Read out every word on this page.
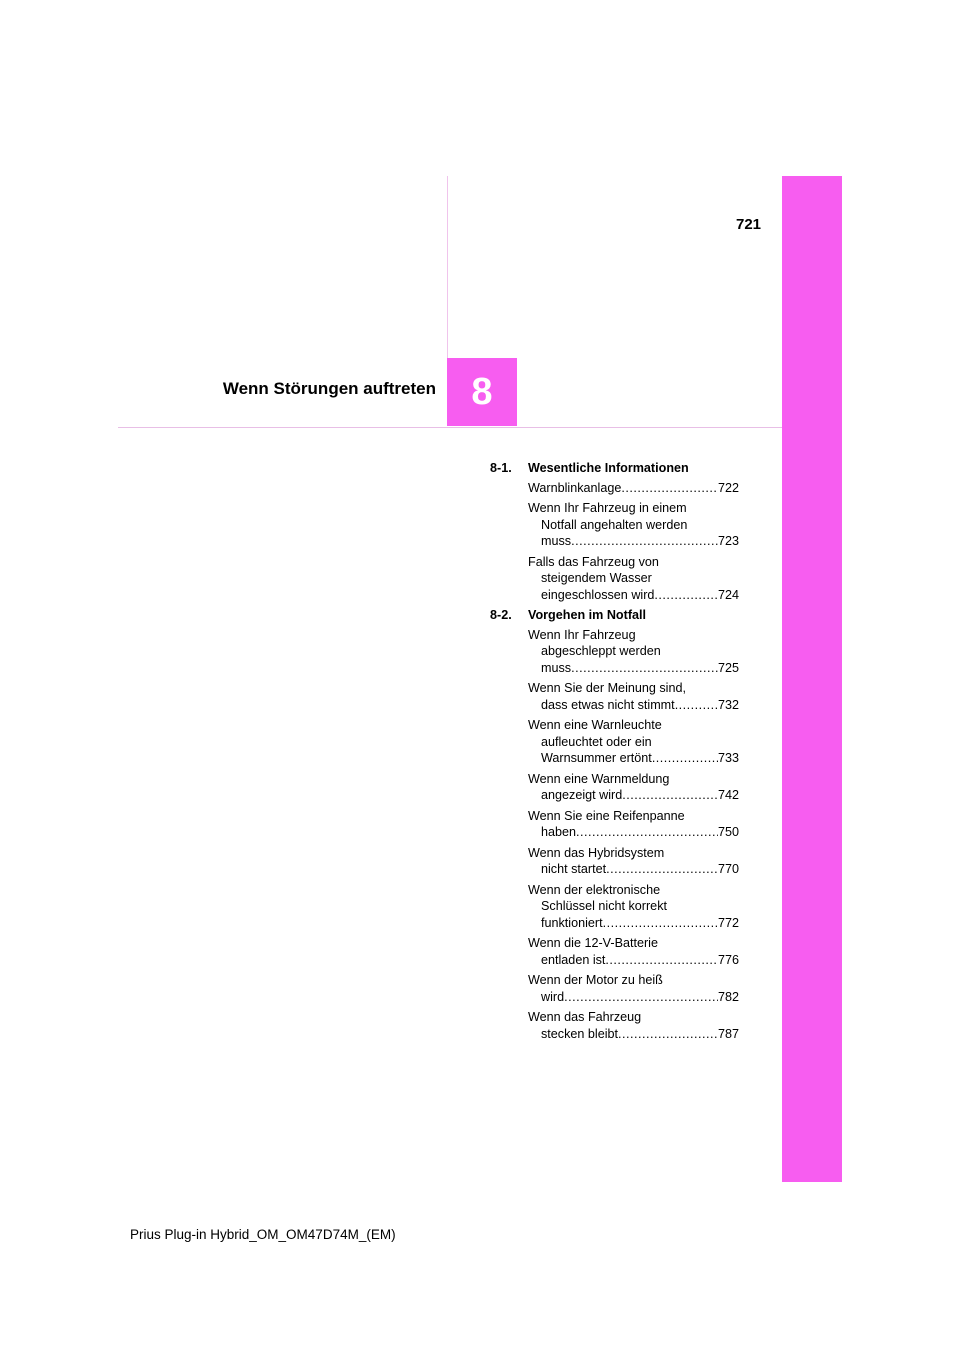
721
8
Wenn Störungen auftreten
8-1.	Wesentliche Informationen
Warnblinkanlage .....	722
Wenn Ihr Fahrzeug in einem
Notfall angehalten werden
muss .....	723
Falls das Fahrzeug von
steigendem Wasser
eingeschlossen wird .....	724
8-2.	Vorgehen im Notfall
Wenn Ihr Fahrzeug
abgeschleppt werden
muss .....	725
Wenn Sie der Meinung sind,
dass etwas nicht stimmt .....	732
Wenn eine Warnleuchte
aufleuchtet oder ein
Warnsummer ertönt .....	733
Wenn eine Warnmeldung
angezeigt wird .....	742
Wenn Sie eine Reifenpanne
haben .....	750
Wenn das Hybridsystem
nicht startet .....	770
Wenn der elektronische
Schlüssel nicht korrekt
funktioniert .....	772
Wenn die 12-V-Batterie
entladen ist .....	776
Wenn der Motor zu heiß
wird .....	782
Wenn das Fahrzeug
stecken bleibt .....	787
Prius Plug-in Hybrid_OM_OM47D74M_(EM)
